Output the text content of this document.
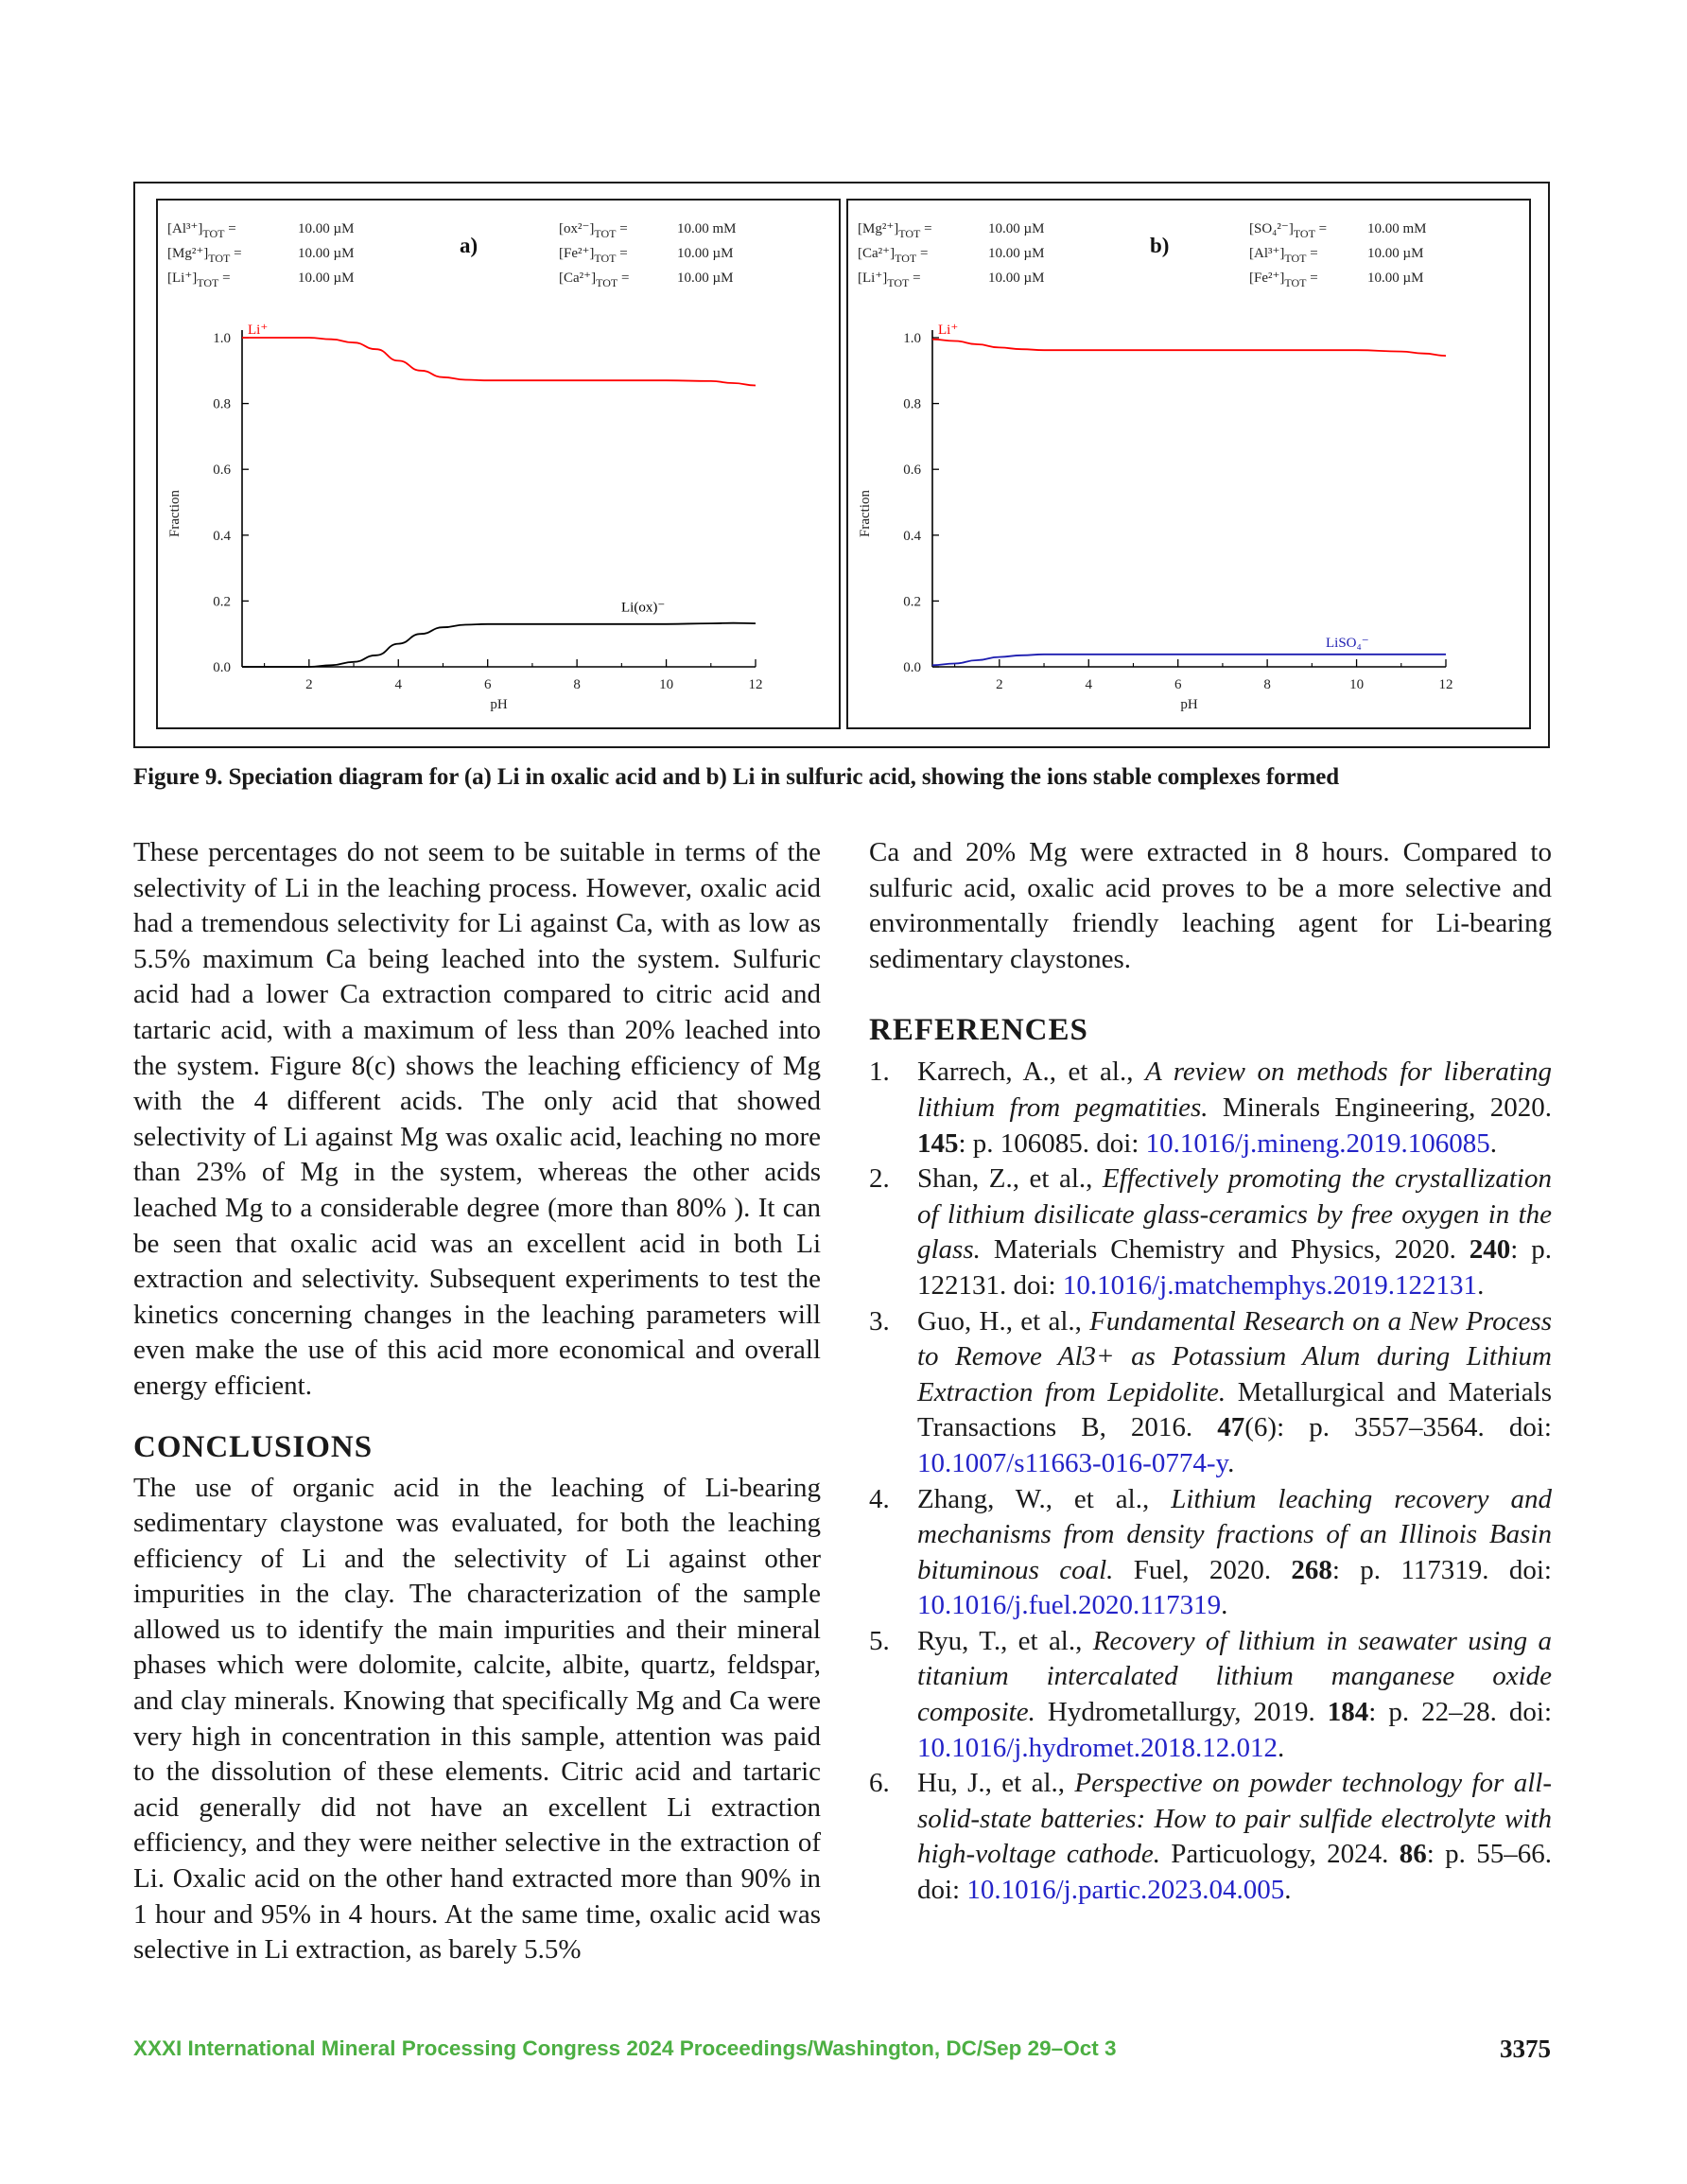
0.0
0.2
0.4
0.6
0.8
1.0
2	4	6	8	10	12
pH
Fraction
a)
$[Al^{3+}]_{TOT}$ =	10.00 µM
$[Mg^{2+}]_{TOT}$ =	10.00 µM
$[Li^+]_{TOT}$ =	10.00 µM
$[ox^{2-}]_{TOT}$ =	10.00 mM
$[Fe^{2+}]_{TOT}$ =	10.00 µM
$[Ca^{2+}]_{TOT}$ =	10.00 µM
Li⁺
Li(ox)⁻
0.0
0.2
0.4
0.6
0.8
1.0
2	4	6	8	10	12
pH
Fraction
b)
$[Mg^{2+}]_{TOT}$ =	10.00 µM
$[Ca^{2+}]_{TOT}$ =	10.00 µM
$[Li^+]_{TOT}$ =	10.00 µM
$[SO_4^{2-}]_{TOT}$ =	10.00 mM
$[Al^{3+}]_{TOT}$ =	10.00 µM
$[Fe^{2+}]_{TOT}$ =	10.00 µM
Li⁺
LiSO₄⁻
Figure 9. Speciation diagram for (a) Li in oxalic acid and b) Li in sulfuric acid, showing the ions stable complexes formed

These percentages do not seem to be suitable in terms of the selectivity of Li in the leaching process. However, oxalic acid had a tremendous selectivity for Li against Ca, with as low as 5.5% maximum Ca being leached into the system. Sulfuric acid had a lower Ca extraction compared to citric acid and tartaric acid, with a maximum of less than 20% leached into the system. Figure 8(c) shows the leaching efficiency of Mg with the 4 different acids. The only acid that showed selectivity of Li against Mg was oxalic acid, leaching no more than 23% of Mg in the system, whereas the other acids leached Mg to a considerable degree (more than 80% ). It can be seen that oxalic acid was an excellent acid in both Li extraction and selectivity. Subsequent experiments to test the kinetics concerning changes in the leaching parameters will even make the use of this acid more economical and overall energy efficient.

CONCLUSIONS

The use of organic acid in the leaching of Li-bearing sedimentary claystone was evaluated, for both the leaching efficiency of Li and the selectivity of Li against other impurities in the clay. The characterization of the sample allowed us to identify the main impurities and their mineral phases which were dolomite, calcite, albite, quartz, feldspar, and clay minerals. Knowing that specifically Mg and Ca were very high in concentration in this sample, attention was paid to the dissolution of these elements. Citric acid and tartaric acid generally did not have an excellent Li extraction efficiency, and they were neither selective in the extraction of Li. Oxalic acid on the other hand extracted more than 90% in 1 hour and 95% in 4 hours. At the same time, oxalic acid was selective in Li extraction, as barely 5.5%

Ca and 20% Mg were extracted in 8 hours. Compared to sulfuric acid, oxalic acid proves to be a more selective and environmentally friendly leaching agent for Li-bearing sedimentary claystones.

REFERENCES
1. Karrech, A., et al., A review on methods for liberating lithium from pegmatities. Minerals Engineering, 2020. 145: p. 106085. doi: 10.1016/j.mineng.2019.106085.
2. Shan, Z., et al., Effectively promoting the crystallization of lithium disilicate glass-ceramics by free oxygen in the glass. Materials Chemistry and Physics, 2020. 240: p. 122131. doi: 10.1016/j.matchemphys.2019.122131.
3. Guo, H., et al., Fundamental Research on a New Process to Remove Al3+ as Potassium Alum during Lithium Extraction from Lepidolite. Metallurgical and Materials Transactions B, 2016. 47(6): p. 3557–3564. doi: 10.1007/s11663-016-0774-y.
4. Zhang, W., et al., Lithium leaching recovery and mechanisms from density fractions of an Illinois Basin bituminous coal. Fuel, 2020. 268: p. 117319. doi: 10.1016/j.fuel.2020.117319.
5. Ryu, T., et al., Recovery of lithium in seawater using a titanium intercalated lithium manganese oxide composite. Hydrometallurgy, 2019. 184: p. 22–28. doi: 10.1016/j.hydromet.2018.12.012.
6. Hu, J., et al., Perspective on powder technology for all-solid-state batteries: How to pair sulfide electrolyte with high-voltage cathode. Particuology, 2024. 86: p. 55–66. doi: 10.1016/j.partic.2023.04.005.
XXXI International Mineral Processing Congress 2024 Proceedings/Washington, DC/Sep 29–Oct 3	3375
